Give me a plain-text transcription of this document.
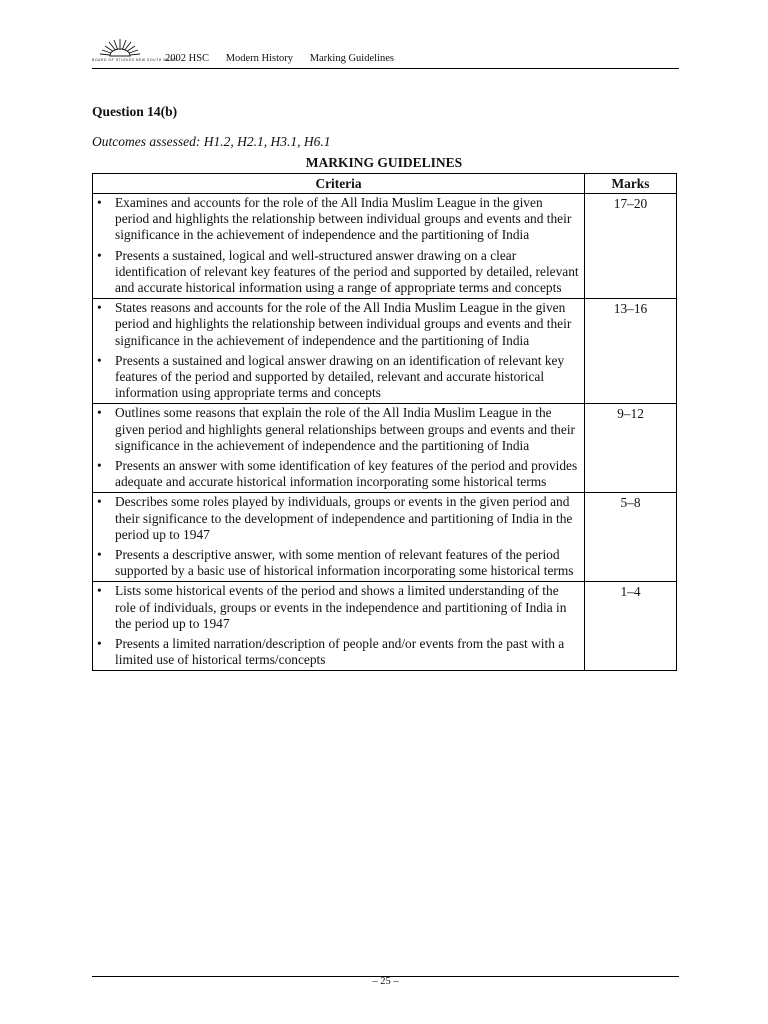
BOARD OF STUDIES NEW SOUTH WALES
2002 HSC Modern History Marking Guidelines
Question 14(b)
Outcomes assessed: H1.2, H2.1, H3.1, H6.1
MARKING GUIDELINES
Criteria	Marks

• Examines and accounts for the role of the All India Muslim League in the given period and highlights the relationship between individual groups and events and their significance in the achievement of independence and the partitioning of India
• Presents a sustained, logical and well-structured answer drawing on a clear identification of relevant key features of the period and supported by detailed, relevant and accurate historical information using a range of appropriate terms and concepts	17–20

• States reasons and accounts for the role of the All India Muslim League in the given period and highlights the relationship between individual groups and events and their significance in the achievement of independence and the partitioning of India
• Presents a sustained and logical answer drawing on an identification of relevant key features of the period and supported by detailed, relevant and accurate historical information using appropriate terms and concepts	13–16

• Outlines some reasons that explain the role of the All India Muslim League in the given period and highlights general relationships between groups and events and their significance in the achievement of independence and the partitioning of India
• Presents an answer with some identification of key features of the period and provides adequate and accurate historical information incorporating some historical terms	9–12

• Describes some roles played by individuals, groups or events in the given period and their significance to the development of independence and partitioning of India in the period up to 1947
• Presents a descriptive answer, with some mention of relevant features of the period supported by a basic use of historical information incorporating some historical terms	5–8

• Lists some historical events of the period and shows a limited understanding of the role of individuals, groups or events in the independence and partitioning of India in the period up to 1947
• Presents a limited narration/description of people and/or events from the past with a limited use of historical terms/concepts	1–4
– 25 –
